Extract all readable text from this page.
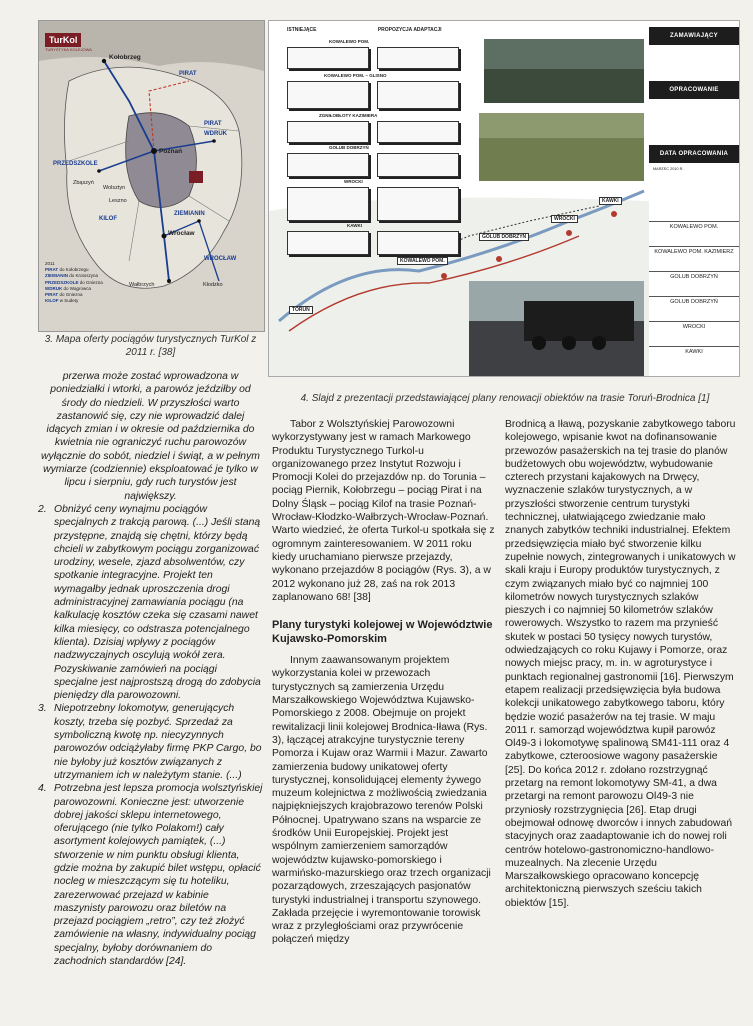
TurKol
TURYSTYKA KOLEJOWA
PIRAT
PIRAT
WDRUK
PRZEDSZKOLE
KILOF
ZIEMIANIN
WROCŁAW
Kołobrzeg
Poznań
Wrocław
Wałbrzych	Kłodzko
Zbąszyń
Wolsztyn
Leszno
2011
PIRAT do Kołobrzegu
ZIEMIANIN do Krotoszyna
PRZEDSZKOLE do Gniezna
WDRUK do Wągrowca
PIRAT do Gniezna
KILOF w Sudety
3. Mapa oferty pociągów turystycznych TurKol z 2011 r. [38]
ISTNIEJĄCE	PROPOZYCJA ADAPTACJI
KOWALEWO POM.
KOWALEWO POM. – GLISNO
ZGNIŁOBŁOTY KAZIMIERA
GOLUB DOBRZYŃ
WROCKI
KAWKI
KOWALEWO POM.
GOLUB DOBRZYŃ
WROCKI
KAWKI
TORUŃ
ZAMAWIAJĄCY
OPRACOWANIE
DATA OPRACOWANIA
MARZEC 2010 R.
KOWALEWO POM.
KOWALEWO POM. KAZIMIERZ
GOLUB DOBRZYŃ
GOLUB DOBRZYŃ
WROCKI
KAWKI
4. Slajd z prezentacji przedstawiającej plany renowacji obiektów na trasie Toruń-Brodnica [1]

przerwa może zostać wprowadzona w poniedziałki i wtorki, a parowóz jeździłby od środy do niedzieli. W przyszłości warto zastanowić się, czy nie wprowadzić dalej idących zmian i w okresie od października do kwietnia nie ograniczyć ruchu parowozów wyłącznie do sobót, niedziel i świąt, a w pełnym wymiarze (codziennie) eksploatować je tylko w lipcu i sierpniu, gdy ruch turystów jest największy.

2. Obniżyć ceny wynajmu pociągów specjalnych z trakcją parową. (...) Jeśli staną przystępne, znajdą się chętni, którzy będą chcieli w zabytkowym pociągu zorganizować urodziny, wesele, zjazd absolwentów, czy spotkanie integracyjne. Projekt ten wymagałby jednak uproszczenia drogi administracyjnej zamawiania pociągu (na kalkulację kosztów czeka się czasami nawet kilka miesięcy, co odstrasza potencjalnego klienta). Dzisiaj wpływy z pociągów nadzwyczajnych oscylują wokół zera. Pozyskiwanie zamówień na pociągi specjalne jest najprostszą drogą do zdobycia pieniędzy dla parowozowni.
3. Niepotrzebny lokomotyw, generujących koszty, trzeba się pozbyć. Sprzedaż za symboliczną kwotę np. niecyzynnych parowozów odciążyłaby firmę PKP Cargo, bo nie byłoby już kosztów związanych z utrzymaniem ich w należytym stanie. (...)
4. Potrzebna jest lepsza promocja wolsztyńskiej parowozowni. Konieczne jest: utworzenie dobrej jakości sklepu internetowego, oferującego (nie tylko Polakom!) cały asortyment kolejowych pamiątek, (...) stworzenie w nim punktu obsługi klienta, gdzie można by zakupić bilet wstępu, opłacić nocleg w mieszczącym się tu hoteliku, zarezerwować przejazd w kabinie maszynisty parowozu oraz biletów na przejazd pociągiem „retro”, czy też złożyć zamówienie na własny, indywidualny pociąg specjalny, byłoby dorównaniem do zachodnich standardów [24].

Tabor z Wolsztyńskiej Parowozowni wykorzystywany jest w ramach Markowego Produktu Turystycznego Turkol-u organizowanego przez Instytut Rozwoju i Promocji Kolei do przejazdów np. do Torunia – pociąg Piernik, Kołobrzegu – pociąg Pirat i na Dolny Śląsk – pociąg Kilof na trasie Poznań-Wrocław-Kłodzko-Wałbrzych-Wrocław-Poznań. Warto wiedzieć, że oferta Turkol-u spotkała się z ogromnym zainteresowaniem. W 2011 roku kiedy uruchamiano pierwsze przejazdy, wykonano przejazdów 8 pociągów (Rys. 3), a w 2012 wykonano już 28, zaś na rok 2013 zaplanowano 68! [38]

Plany turystyki kolejowej w Województwie Kujawsko-Pomorskim

Innym zaawansowanym projektem wykorzystania kolei w przewozach turystycznych są zamierzenia Urzędu Marszałkowskiego Województwa Kujawsko-Pomorskiego z 2008. Obejmuje on projekt rewitalizacji linii kolejowej Brodnica-Iława (Rys. 3), łączącej atrakcyjne turystycznie tereny Pomorza i Kujaw oraz Warmii i Mazur. Zawarto zamierzenia budowy unikatowej oferty turystycznej, konsolidującej elementy żywego muzeum kolejnictwa z możliwością zwiedzania najpiękniejszych krajobrazowo terenów Polski Północnej. Upatrywano szans na wsparcie ze środków Unii Europejskiej. Projekt jest wspólnym zamierzeniem samorządów województw kujawsko-pomorskiego i warmińsko-mazurskiego oraz trzech organizacji pozarządowych, zrzeszających pasjonatów turystyki industrialnej i transportu szynowego. Zakłada przejęcie i wyremontowanie torowisk wraz z przyległościami oraz przywrócenie połączeń między

Brodnicą a Iławą, pozyskanie zabytkowego taboru kolejowego, wpisanie kwot na dofinansowanie przewozów pasażerskich na tej trasie do planów budżetowych obu województw, wybudowanie czterech przystani kajakowych na Drwęcy, wyznaczenie szlaków turystycznych, a w przyszłości stworzenie centrum turystyki technicznej, ułatwiającego zwiedzanie mało znanych zabytków techniki industrialnej. Efektem przedsięwzięcia miało być stworzenie kilku zupełnie nowych, zintegrowanych i unikatowych w skali kraju i Europy produktów turystycznych, z czym związanych miało być co najmniej 100 kilometrów nowych turystycznych szlaków pieszych i co najmniej 50 kilometrów szlaków rowerowych. Wszystko to razem ma przynieść skutek w postaci 50 tysięcy nowych turystów, odwiedzających co roku Kujawy i Pomorze, oraz nowych miejsc pracy, m. in. w agroturystyce i punktach regionalnej gastronomii [16]. Pierwszym etapem realizacji przedsięwzięcia była budowa kolekcji unikatowego zabytkowego taboru, który będzie wozić pasażerów na tej trasie. W maju 2011 r. samorząd województwa kupił parowóz Ol49-3 i lokomotywę spalinową SM41-111 oraz 4 zabytkowe, czteroosiowe wagony pasażerskie [25]. Do końca 2012 r. zdołano rozstrzygnąć przetarg na remont lokomotywy SM-41, a dwa przetargi na remont parowozu Ol49-3 nie przyniosły rozstrzygnięcia [26]. Etap drugi obejmował odnowę dworców i innych zabudowań stacyjnych oraz zaadaptowanie ich do nowej roli centrów hotelowo-gastronomiczno-handlowo-muzealnych. Na zlecenie Urzędu Marszałkowskiego opracowano koncepcję architektoniczną pierwszych sześciu takich obiektów [15].
